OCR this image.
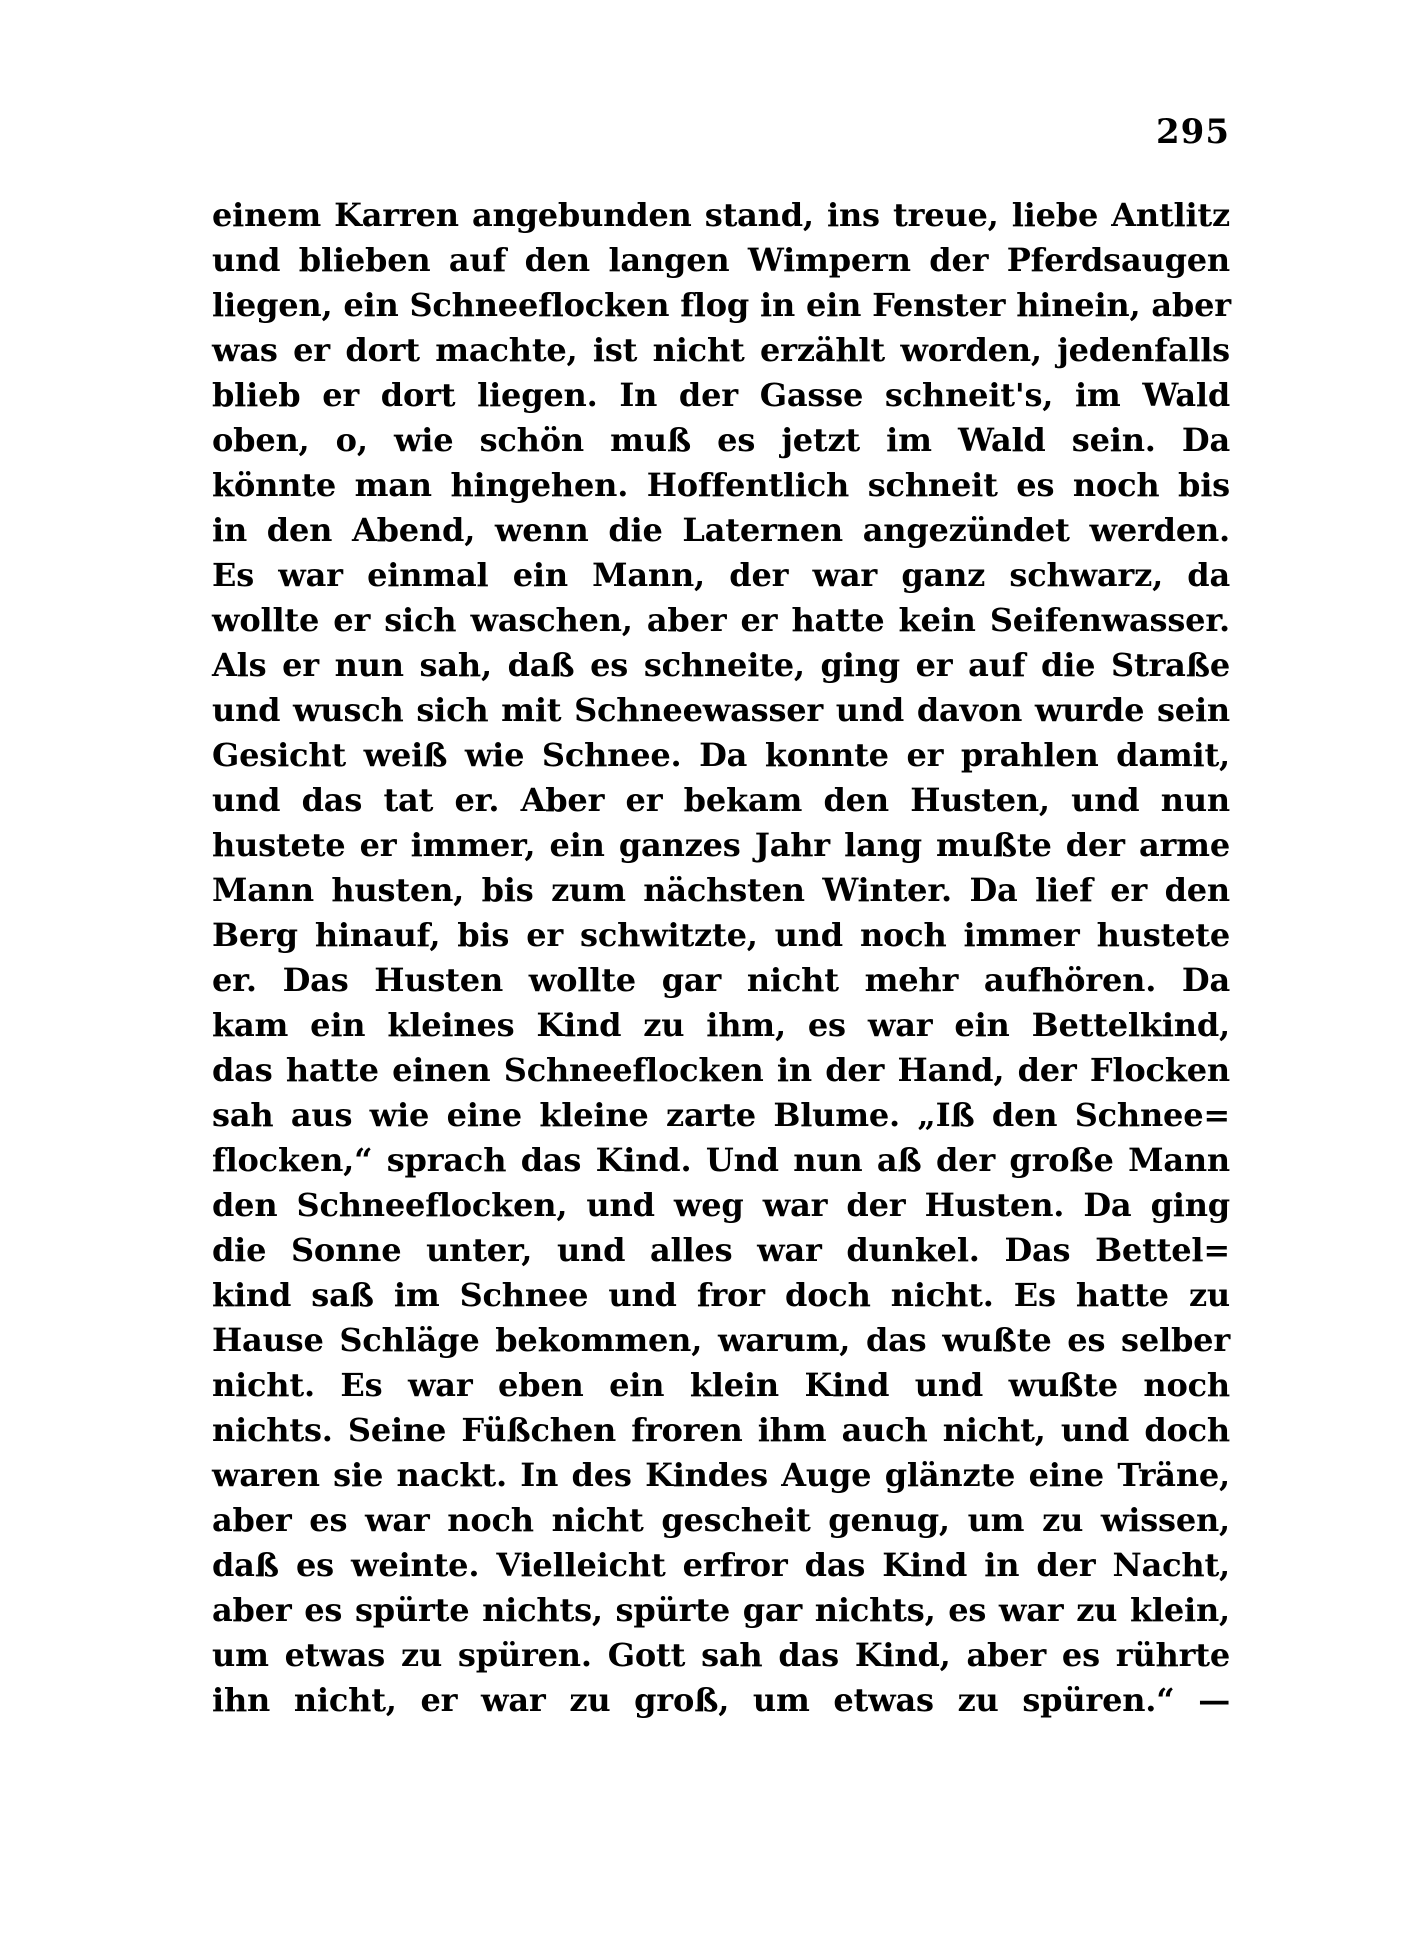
295
einem Karren angebunden stand, ins treue, liebe Antlitz
und blieben auf den langen Wimpern der Pferdsaugen
liegen, ein Schneeflocken flog in ein Fenster hinein, aber
was er dort machte, ist nicht erzählt worden, jedenfalls
blieb er dort liegen. In der Gasse schneit's, im Wald
oben, o, wie schön muß es jetzt im Wald sein. Da
könnte man hingehen. Hoffentlich schneit es noch bis
in den Abend, wenn die Laternen angezündet werden.
Es war einmal ein Mann, der war ganz schwarz, da
wollte er sich waschen, aber er hatte kein Seifenwasser.
Als er nun sah, daß es schneite, ging er auf die Straße
und wusch sich mit Schneewasser und davon wurde sein
Gesicht weiß wie Schnee. Da konnte er prahlen damit,
und das tat er. Aber er bekam den Husten, und nun
hustete er immer, ein ganzes Jahr lang mußte der arme
Mann husten, bis zum nächsten Winter. Da lief er den
Berg hinauf, bis er schwitzte, und noch immer hustete
er. Das Husten wollte gar nicht mehr aufhören. Da
kam ein kleines Kind zu ihm, es war ein Bettelkind,
das hatte einen Schneeflocken in der Hand, der Flocken
sah aus wie eine kleine zarte Blume. „Iß den Schnee=
flocken,“ sprach das Kind. Und nun aß der große Mann
den Schneeflocken, und weg war der Husten. Da ging
die Sonne unter, und alles war dunkel. Das Bettel=
kind saß im Schnee und fror doch nicht. Es hatte zu
Hause Schläge bekommen, warum, das wußte es selber
nicht. Es war eben ein klein Kind und wußte noch
nichts. Seine Füßchen froren ihm auch nicht, und doch
waren sie nackt. In des Kindes Auge glänzte eine Träne,
aber es war noch nicht gescheit genug, um zu wissen,
daß es weinte. Vielleicht erfror das Kind in der Nacht,
aber es spürte nichts, spürte gar nichts, es war zu klein,
um etwas zu spüren. Gott sah das Kind, aber es rührte
ihn nicht, er war zu groß, um etwas zu spüren.“ —
